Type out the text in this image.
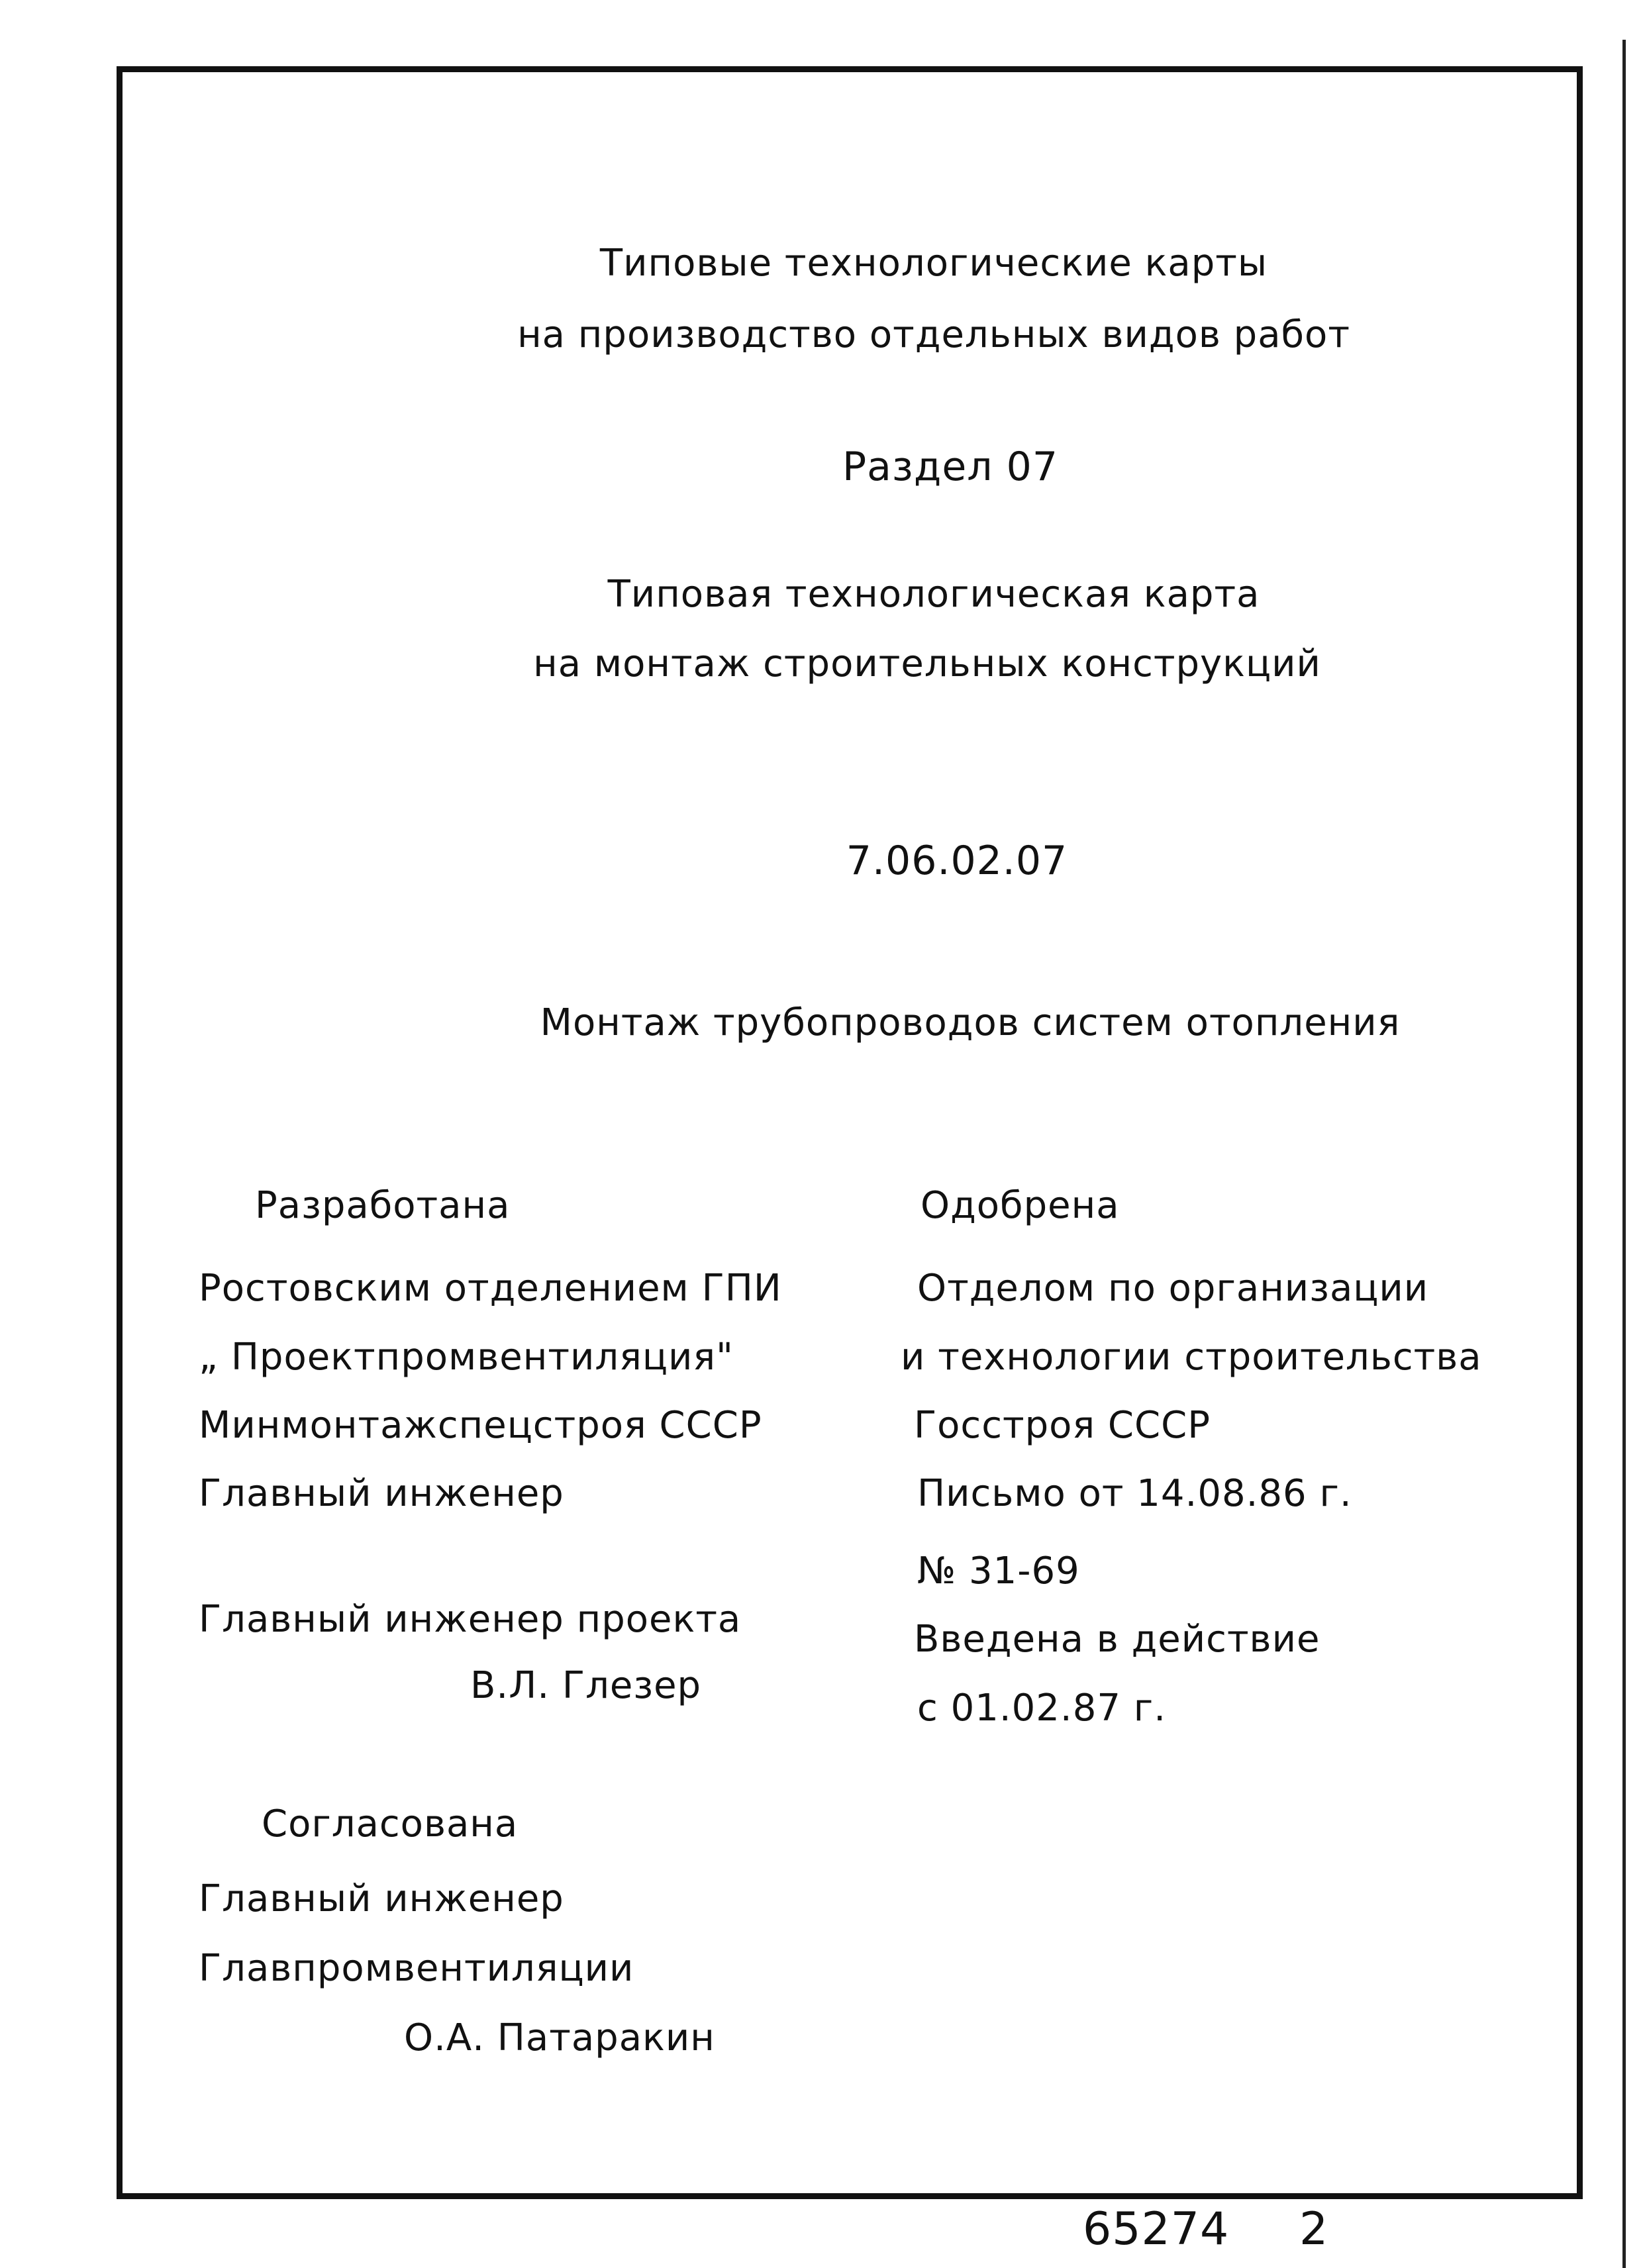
Типовые технологические карты
на производство отдельных видов работ
Раздел 07
Типовая технологическая карта
на монтаж строительных конструкций
7.06.02.07
Монтаж трубопроводов систем отопления
Разработана
Ростовским отделением ГПИ
„ Проектпромвентиляция"
Минмонтажспецстроя СССР
Главный инженер
Главный инженер проекта
В.Л. Глезер
Одобрена
Отделом по организации
и технологии строительства
Госстроя СССР
Письмо от 14.08.86 г.
№ 31-69
Введена в действие
с 01.02.87 г.
Согласована
Главный инженер
Главпромвентиляции
О.А. Патаракин
65274 2
